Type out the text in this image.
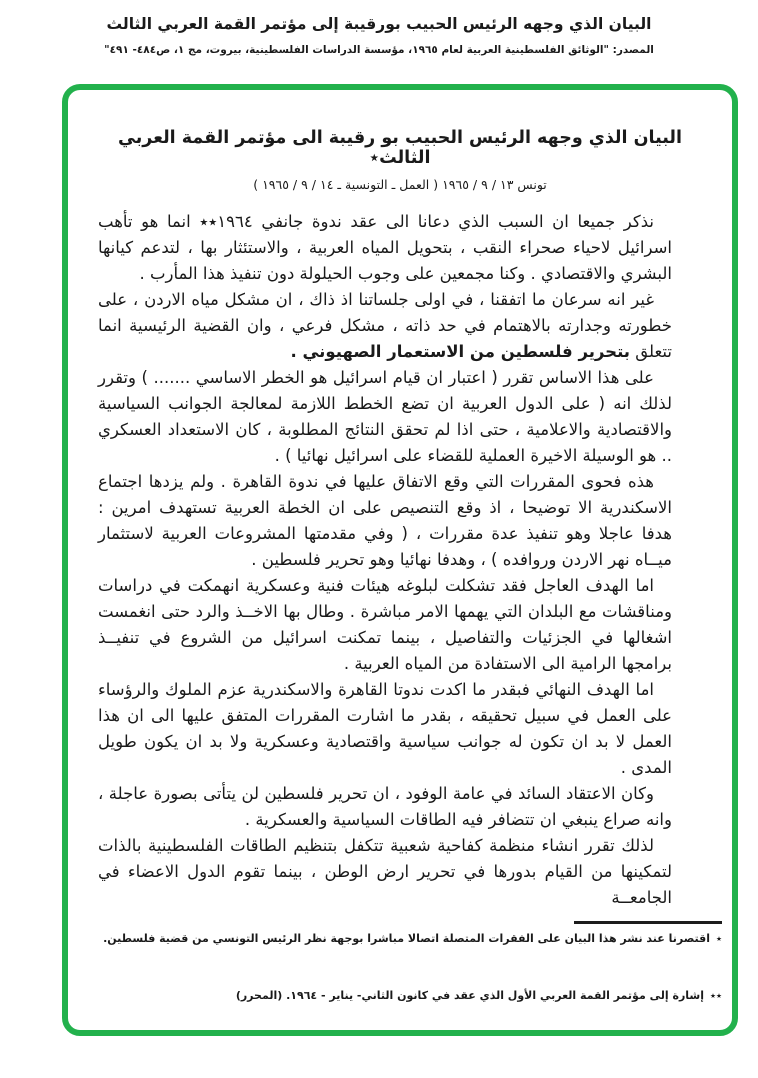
البيان الذي وجهه الرئيس الحبيب بورقيبة إلى مؤتمر القمة العربي الثالث
المصدر: "الوثائق الفلسطينية العربية لعام ١٩٦٥، مؤسسة الدراسات الفلسطينية، بيروت، مج ١، ص٤٨٤- ٤٩١"
البيان الذي وجهه الرئيس الحبيب بو رقيبة الى مؤتمر القمة العربي الثالث٭
تونس ١٣ / ٩ / ١٩٦٥ ( العمل ـ التونسية ـ ١٤ / ٩ / ١٩٦٥ )

نذكر جميعا ان السبب الذي دعانا الى عقد ندوة جانفي ١٩٦٤٭٭ انما هو تأهب اسرائيل لاحياء صحراء النقب ، بتحويل المياه العربية ، والاستئثار بها ، لتدعم كيانها البشري والاقتصادي . وكنا مجمعين على وجوب الحيلولة دون تنفيذ هذا المأرب .

غير انه سرعان ما اتفقنا ، في اولى جلساتنا اذ ذاك ، ان مشكل مياه الاردن ، على خطورته وجدارته بالاهتمام في حد ذاته ، مشكل فرعي ، وان القضية الرئيسية انما تتعلق بتحرير فلسطين من الاستعمار الصهيوني .

على هذا الاساس تقرر ( اعتبار ان قيام اسرائيل هو الخطر الاساسي ....... ) وتقرر لذلك انه ( على الدول العربية ان تضع الخطط اللازمة لمعالجة الجوانب السياسية والاقتصادية والاعلامية ، حتى اذا لم تحقق النتائج المطلوبة ، كان الاستعداد العسكري .. هو الوسيلة الاخيرة العملية للقضاء على اسرائيل نهائيا ) .

هذه فحوى المقررات التي وقع الاتفاق عليها في ندوة القاهرة . ولم يزدها اجتماع الاسكندرية الا توضيحا ، اذ وقع التنصيص على ان الخطة العربية تستهدف امرين : هدفا عاجلا وهو تنفيذ عدة مقررات ، ( وفي مقدمتها المشروعات العربية لاستثمار ميــاه نهر الاردن وروافده ) ، وهدفا نهائيا وهو تحرير فلسطين .

اما الهدف العاجل فقد تشكلت لبلوغه هيئات فنية وعسكرية انهمكت في دراسات ومناقشات مع البلدان التي يهمها الامر مباشرة . وطال بها الاخــذ والرد حتى انغمست اشغالها في الجزئيات والتفاصيل ، بينما تمكنت اسرائيل من الشروع في تنفيــذ برامجها الرامية الى الاستفادة من المياه العربية .

اما الهدف النهائي فبقدر ما اكدت ندوتا القاهرة والاسكندرية عزم الملوك والرؤساء على العمل في سبيل تحقيقه ، بقدر ما اشارت المقررات المتفق عليها الى ان هذا العمل لا بد ان تكون له جوانب سياسية واقتصادية وعسكرية ولا بد ان يكون طويل المدى .

وكان الاعتقاد السائد في عامة الوفود ، ان تحرير فلسطين لن يتأتى بصورة عاجلة ، وانه صراع ينبغي ان تتضافر فيه الطاقات السياسية والعسكرية .

لذلك تقرر انشاء منظمة كفاحية شعبية تتكفل بتنظيم الطاقات الفلسطينية بالذات لتمكينها من القيام بدورها في تحرير ارض الوطن ، بينما تقوم الدول الاعضاء في الجامعــة

٭اقتصرنا عند نشر هذا البيان على الفقرات المتصلة اتصالا مباشرا بوجهة نظر الرئيس التونسي من قضية فلسطين.
٭٭إشارة إلى مؤتمر القمة العربي الأول الذي عقد في كانون الثاني- يناير - ١٩٦٤. (المحرر)
